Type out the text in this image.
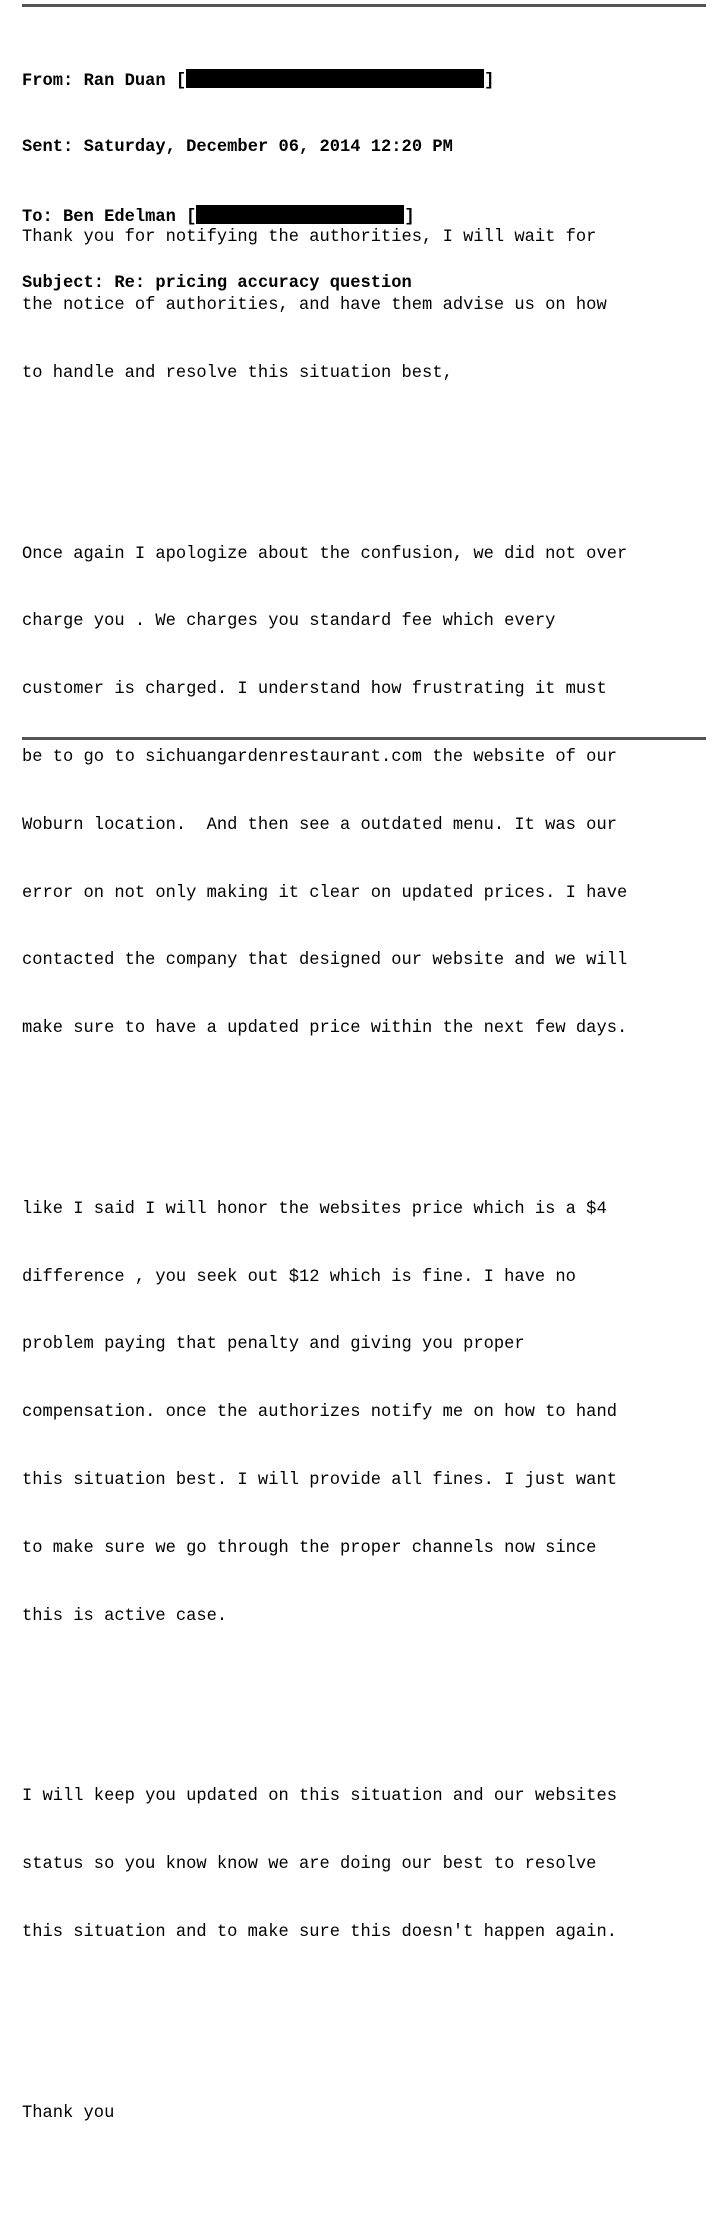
From: Ran Duan [	]

Sent: Saturday, December 06, 2014 12:20 PM

To: Ben Edelman [	]

Subject: Re: pricing accuracy question

Thank you for notifying the authorities, I will wait for

the notice of authorities, and have them advise us on how

to handle and resolve this situation best,

Once again I apologize about the confusion, we did not over

charge you . We charges you standard fee which every

customer is charged. I understand how frustrating it must

be to go to sichuangardenrestaurant.com the website of our

Woburn location.  And then see a outdated menu. It was our

error on not only making it clear on updated prices. I have

contacted the company that designed our website and we will

make sure to have a updated price within the next few days.

like I said I will honor the websites price which is a $4

difference , you seek out $12 which is fine. I have no

problem paying that penalty and giving you proper

compensation. once the authorizes notify me on how to hand

this situation best. I will provide all fines. I just want

to make sure we go through the proper channels now since

this is active case.

I will keep you updated on this situation and our websites

status so you know know we are doing our best to resolve

this situation and to make sure this doesn't happen again.

Thank you
